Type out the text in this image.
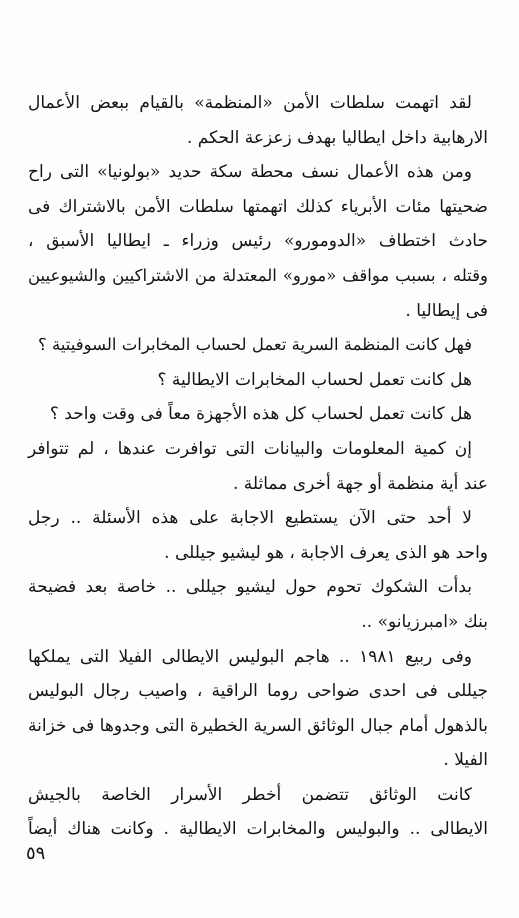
لقد اتهمت سلطات الأمن «المنظمة» بالقيام ببعض الأعمال
الارهابية داخل ايطاليا بهدف زعزعة الحكم .
ومن هذه الأعمال نسف محطة سكة حديد «بولونيا» التى راح
ضحيتها مئات الأبرياء كذلك اتهمتها سلطات الأمن بالاشتراك فى
حادث اختطاف «الدومورو» رئيس وزراء ـ ايطاليا الأسبق ،
وقتله ، بسبب مواقف «مورو» المعتدلة من الاشتراكيين والشيوعيين
فى إيطاليا .
فهل كانت المنظمة السرية تعمل لحساب المخابرات السوفيتية ؟
هل كانت تعمل لحساب المخابرات الايطالية ؟
هل كانت تعمل لحساب كل هذه الأجهزة معاً فى وقت واحد ؟
إن كمية المعلومات والبيانات التى توافرت عندها ، لم تتوافر
عند أية منظمة أو جهة أخرى مماثلة .
لا أحد حتى الآن يستطيع الاجابة على هذه الأسئلة .. رجل
واحد هو الذى يعرف الاجابة ، هو ليشيو جيللى .
بدأت الشكوك تحوم حول ليشيو جيللى .. خاصة بعد فضيحة
بنك «امبرزيانو» ..
وفى ربيع ١٩٨١ .. هاجم البوليس الايطالى الفيلا التى يملكها
جيللى فى احدى ضواحى روما الراقية ، واصيب رجال البوليس
بالذهول أمام جبال الوثائق السرية الخطيرة التى وجدوها فى خزانة
الفيلا .
كانت الوثائق تتضمن أخطر الأسرار الخاصة بالجيش
الايطالى .. والبوليس والمخابرات الايطالية . وكانت هناك أيضاً
٥٩
